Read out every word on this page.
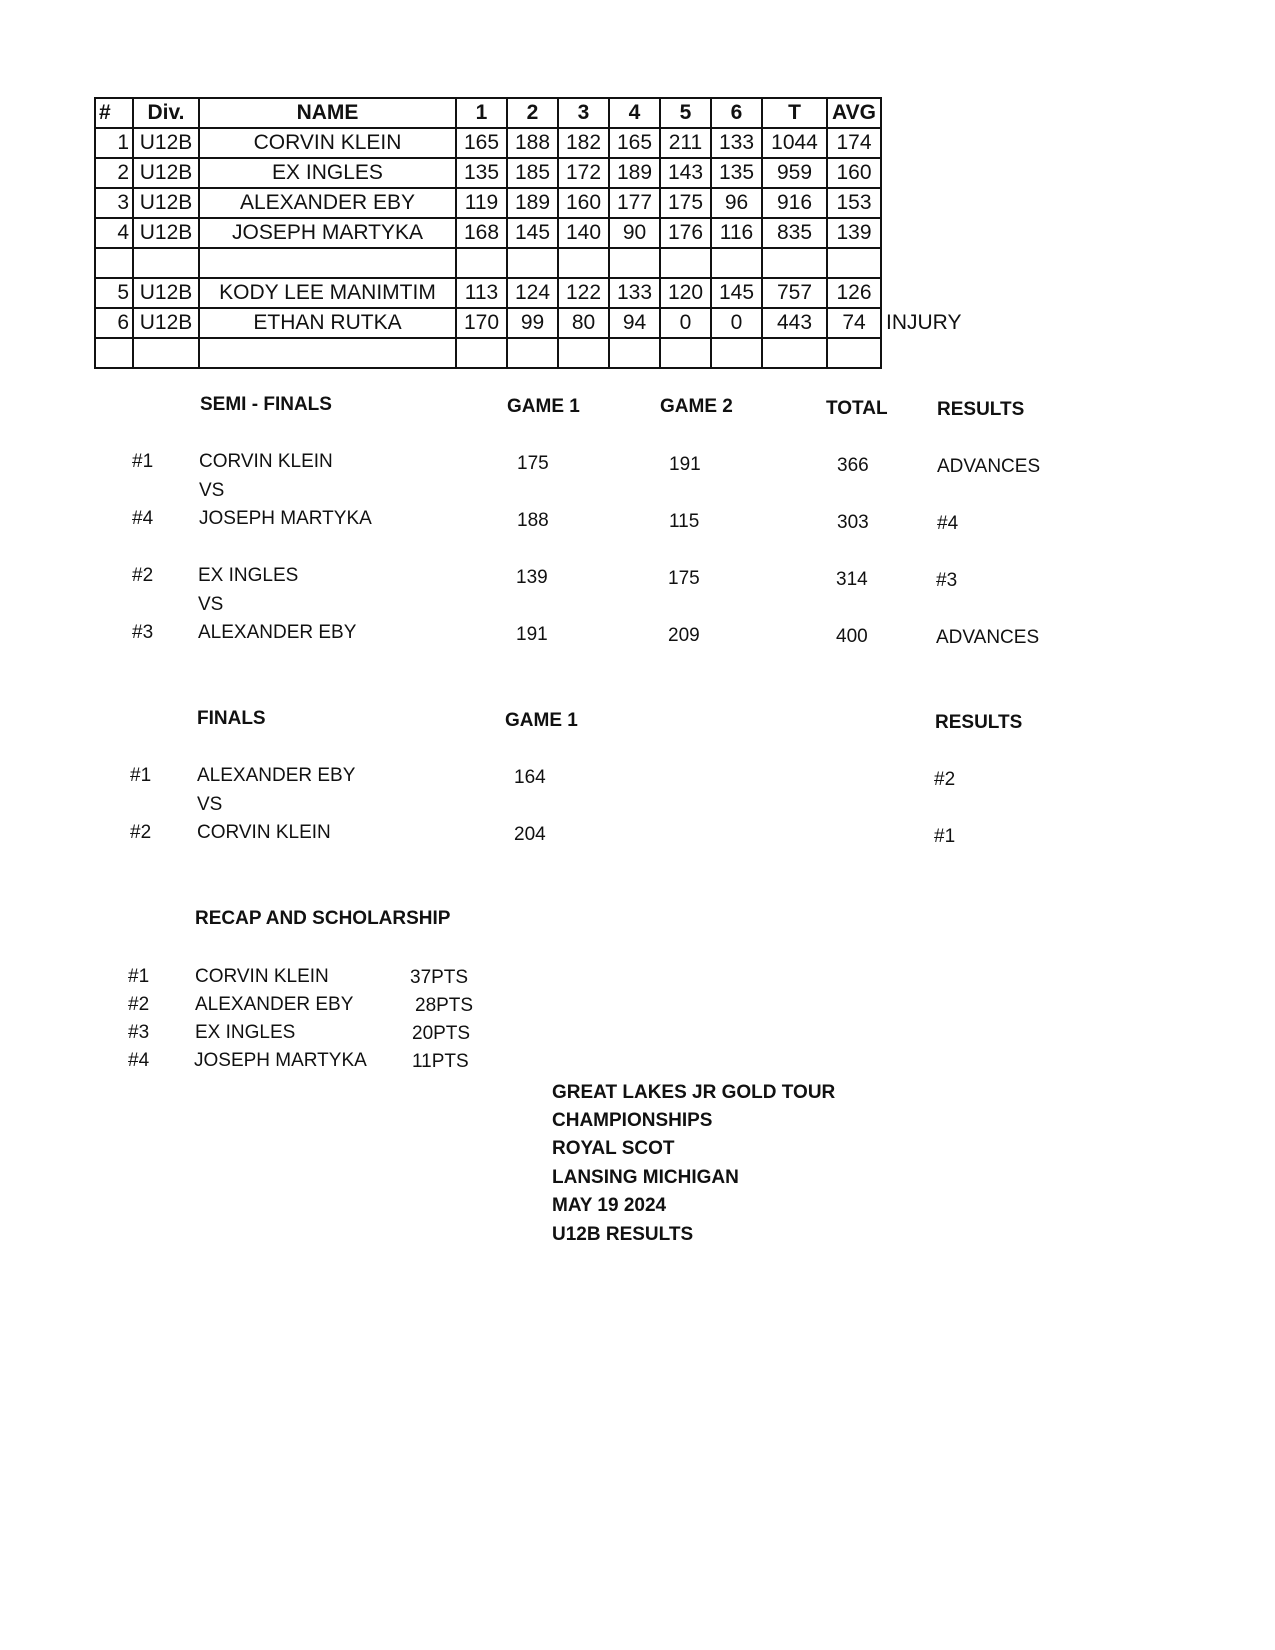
#	Div.	NAME	1	2	3	4	5	6	T	AVG	
1	U12B	CORVIN KLEIN	165	188	182	165	211	133	1044	174	
2	U12B	EX INGLES	135	185	172	189	143	135	959	160	
3	U12B	ALEXANDER EBY	119	189	160	177	175	96	916	153	
4	U12B	JOSEPH MARTYKA	168	145	140	90	176	116	835	139	

5	U12B	KODY LEE MANIMTIM	113	124	122	133	120	145	757	126	
6	U12B	ETHAN RUTKA	170	99	80	94	0	0	443	74	INJURY

SEMI - FINALS	GAME 1	GAME 2	TOTAL	RESULTS
#1 CORVIN KLEIN	175	191	366	ADVANCES
VS
#4 JOSEPH MARTYKA	188	115	303	#4
#2 EX INGLES	139	175	314	#3
VS
#3 ALEXANDER EBY	191	209	400	ADVANCES
FINALS	GAME 1	RESULTS
#1 ALEXANDER EBY	164	#2
VS
#2 CORVIN KLEIN	204	#1
RECAP AND SCHOLARSHIP
#1 CORVIN KLEIN	37PTS
#2 ALEXANDER EBY	28PTS
#3 EX INGLES	20PTS
#4 JOSEPH MARTYKA 11PTS
GREAT LAKES JR GOLD TOUR
CHAMPIONSHIPS
ROYAL SCOT
LANSING MICHIGAN
MAY 19 2024
U12B RESULTS
